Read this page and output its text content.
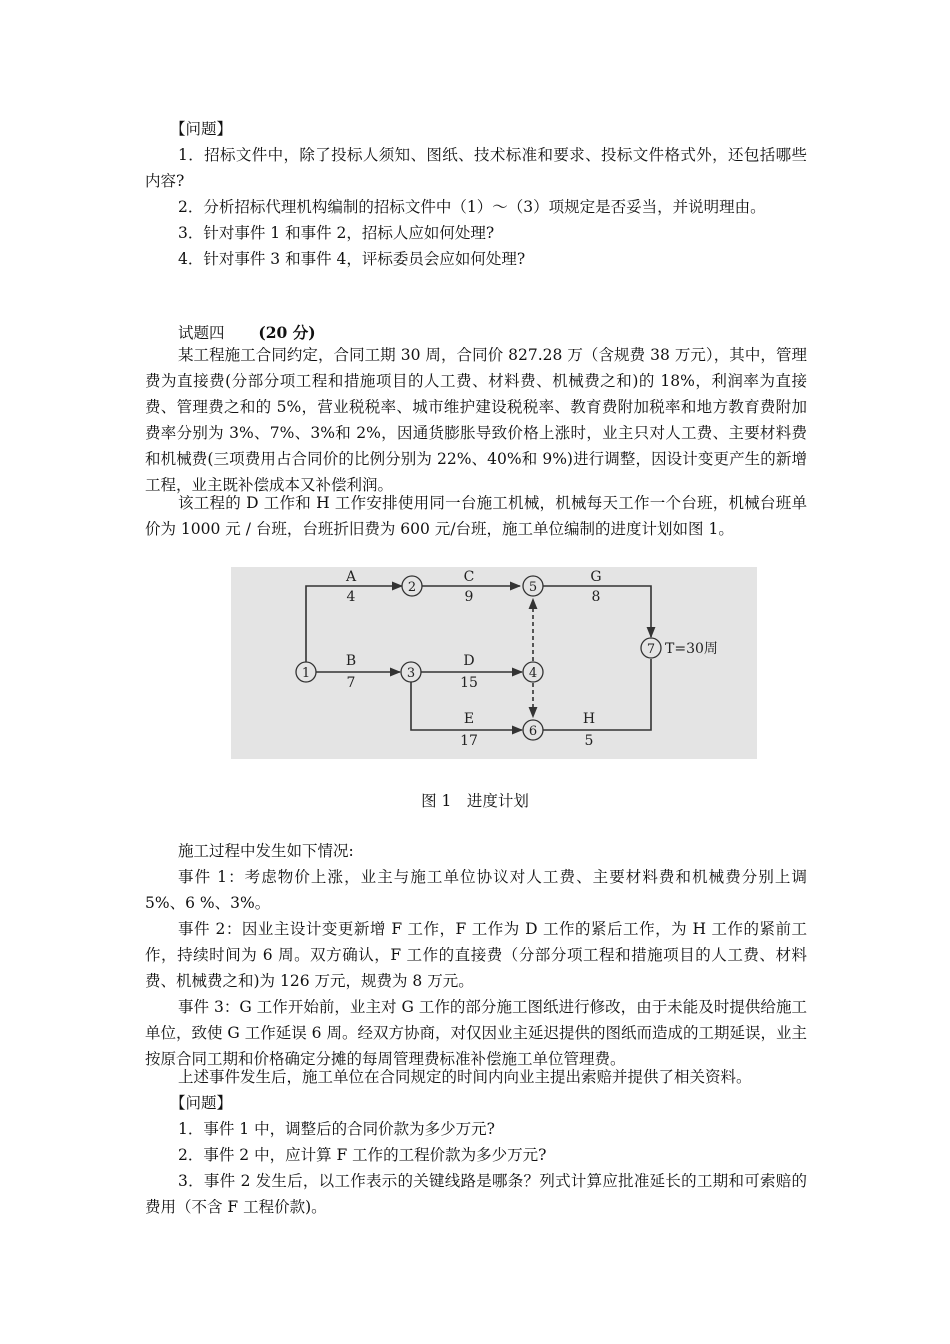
【问题】

1．招标文件中，除了投标人须知、图纸、技术标准和要求、投标文件格式外，还包括哪些内容?

2．分析招标代理机构编制的招标文件中（1）～（3）项规定是否妥当，并说明理由。
3．针对事件 1 和事件 2，招标人应如何处理?
4．针对事件 3 和事件 4，评标委员会应如何处理?
试题四 (20 分)

某工程施工合同约定，合同工期 30 周，合同价 827.28 万（含规费 38 万元），其中，管理费为直接费(分部分项工程和措施项目的人工费、材料费、机械费之和)的 18%，利润率为直接费、管理费之和的 5%，营业税税率、城市维护建设税税率、教育费附加税率和地方教育费附加费率分别为 3%、7%、3%和 2%，因通货膨胀导致价格上涨时，业主只对人工费、主要材料费和机械费(三项费用占合同价的比例分别为 22%、40%和 9%)进行调整，因设计变更产生的新增工程，业主既补偿成本又补偿利润。

该工程的 D 工作和 H 工作安排使用同一台施工机械，机械每天工作一个台班，机械台班单价为 1000 元 / 台班，台班折旧费为 600 元/台班，施工单位编制的进度计划如图 1。

1
2
3	4
5
6
7
A
4
C
9
G
8
B
7
D
15
E
17
H
5
T=30周
图 1　进度计划
施工过程中发生如下情况:

事件 1：考虑物价上涨，业主与施工单位协议对人工费、主要材料费和机械费分别上调 5%、6 %、3%。

事件 2：因业主设计变更新增 F 工作，F 工作为 D 工作的紧后工作，为 H 工作的紧前工作，持续时间为 6 周。双方确认，F 工作的直接费（分部分项工程和措施项目的人工费、材料费、机械费之和)为 126 万元，规费为 8 万元。

事件 3：G 工作开始前，业主对 G 工作的部分施工图纸进行修改，由于未能及时提供给施工单位，致使 G 工作延误 6 周。经双方协商，对仅因业主延迟提供的图纸而造成的工期延误，业主按原合同工期和价格确定分摊的每周管理费标准补偿施工单位管理费。

上述事件发生后，施工单位在合同规定的时间内向业主提出索赔并提供了相关资料。
【问题】
1．事件 1 中，调整后的合同价款为多少万元?
2．事件 2 中，应计算 F 工作的工程价款为多少万元?

3．事件 2 发生后，以工作表示的关键线路是哪条？列式计算应批准延长的工期和可索赔的费用（不含 F 工程价款)。
